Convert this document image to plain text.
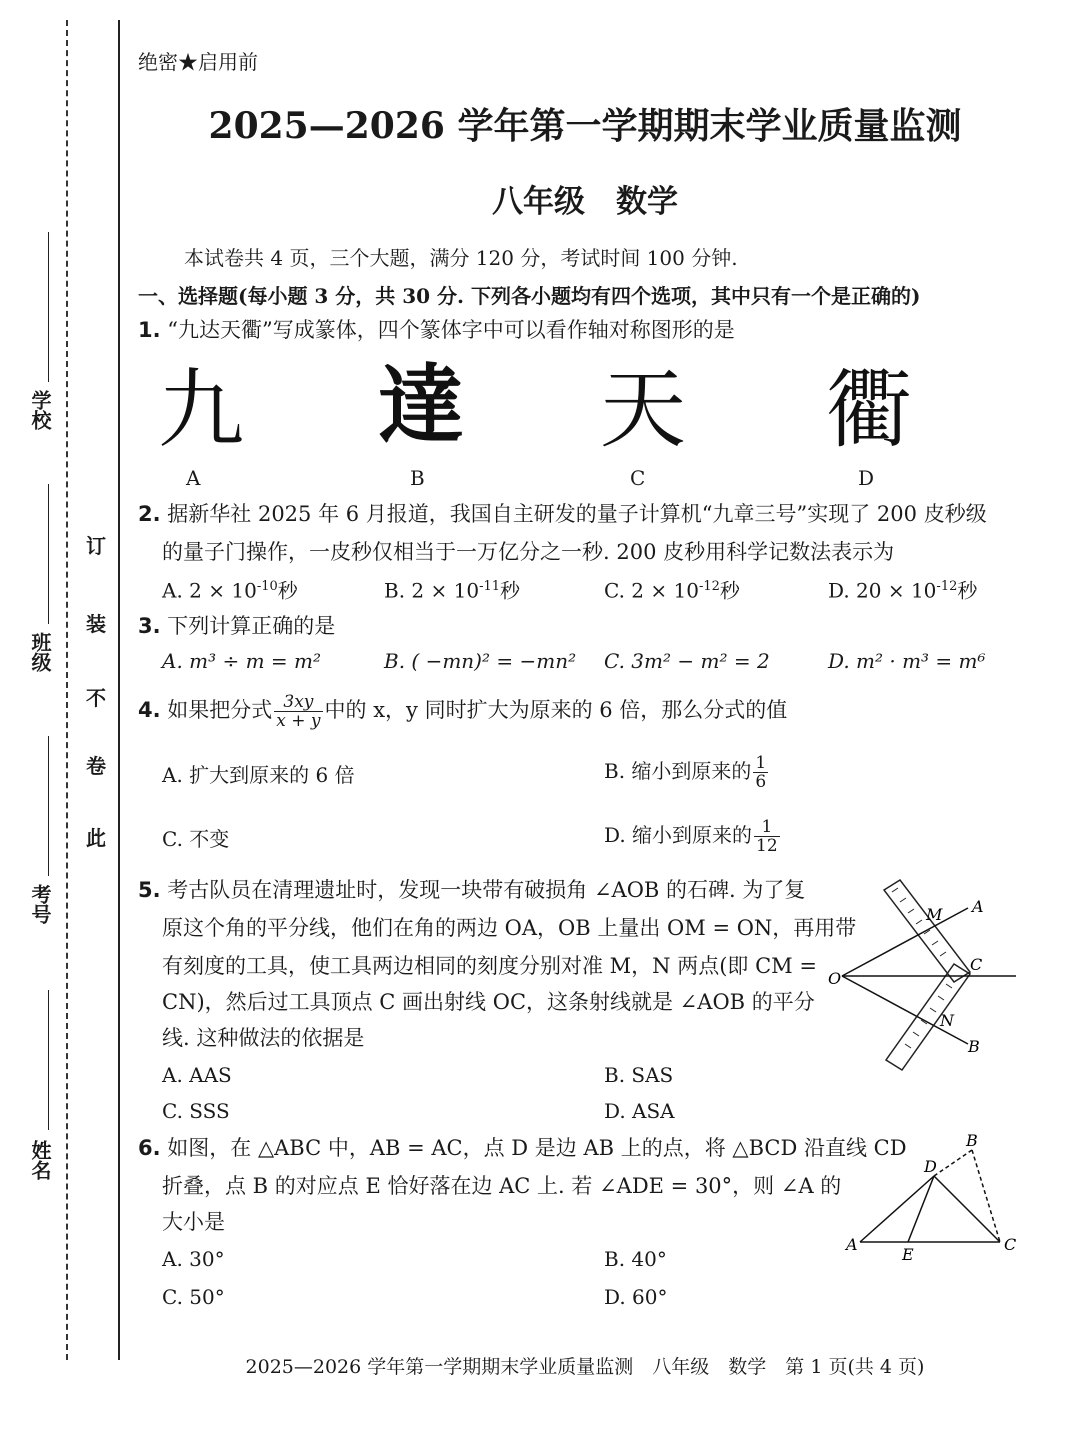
学校
班级
考号
姓名
订
装
不
卷
此
绝密★启用前
2025—2026 学年第一学期期末学业质量监测
八年级　数学
本试卷共 4 页，三个大题，满分 120 分，考试时间 100 分钟.
一、选择题(每小题 3 分，共 30 分. 下列各小题均有四个选项，其中只有一个是正确的)
1. “九达天衢”写成篆体，四个篆体字中可以看作轴对称图形的是
九 達 天 衢
A	B	C	D
2. 据新华社 2025 年 6 月报道，我国自主研发的量子计算机“九章三号”实现了 200 皮秒级
的量子门操作，一皮秒仅相当于一万亿分之一秒. 200 皮秒用科学记数法表示为
A. $2 \times 10^{-10}$秒	B. $2 \times 10^{-11}$秒	C. $2 \times 10^{-12}$秒	D. $20 \times 10^{-12}$秒
3. 下列计算正确的是
A. m³ ÷ m = m²	B. ( −mn)² = −mn² C. 3m² − m² = 2	D. m² · m³ = m⁶
4. 如果把分式 $\frac{3xy}{x + y}$ 中的 x，y 同时扩大为原来的 6 倍，那么分式的值
A. 扩大到原来的 6 倍	B. 缩小到原来的 $\frac{1}{6}$
C. 不变	D. 缩小到原来的 $\frac{1}{12}$
5. 考古队员在清理遗址时，发现一块带有破损角 ∠AOB 的石碑. 为了复
原这个角的平分线，他们在角的两边 OA，OB 上量出 OM = ON，再用带
有刻度的工具，使工具两边相同的刻度分别对准 M，N 两点(即 CM =
CN)，然后过工具顶点 C 画出射线 OC，这条射线就是 ∠AOB 的平分
线. 这种做法的依据是
A. AAS	B. SAS
C. SSS	D. ASA
O
A
B
C
M
N
6. 如图，在 △ABC 中，AB = AC，点 D 是边 AB 上的点，将 △BCD 沿直线 CD
折叠，点 B 的对应点 E 恰好落在边 AC 上. 若 ∠ADE = 30°，则 ∠A 的
大小是
A. 30°	B. 40°
C. 50°	D. 60°
A
B
C
D
E
2025—2026 学年第一学期期末学业质量监测　八年级　数学　第 1 页(共 4 页)
